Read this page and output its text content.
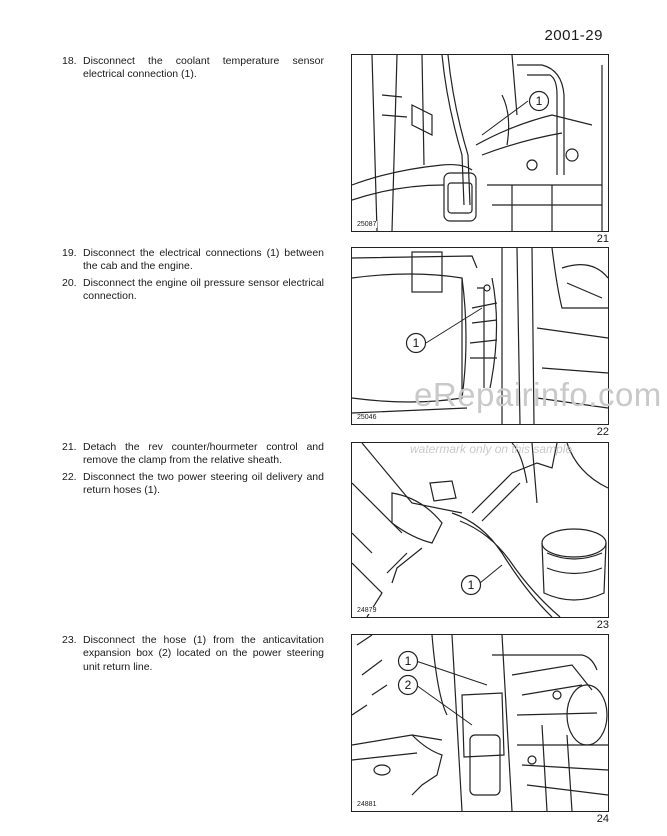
2001-29
18. Disconnect the coolant temperature sensor electrical connection (1).
1
25087
21
19. Disconnect the electrical connections (1) between the cab and the engine.
20. Disconnect the engine oil pressure sensor electrical connection.
1
25046
22
21. Detach the rev counter/hourmeter control and remove the clamp from the relative sheath.
22. Disconnect the two power steering oil delivery and return hoses (1).
1
24879
23
23. Disconnect the hose (1) from the anticavitation expansion box (2) located on the power steering unit return line.	1
2
24881
24
eRepairinfo.com
watermark only on this sample
